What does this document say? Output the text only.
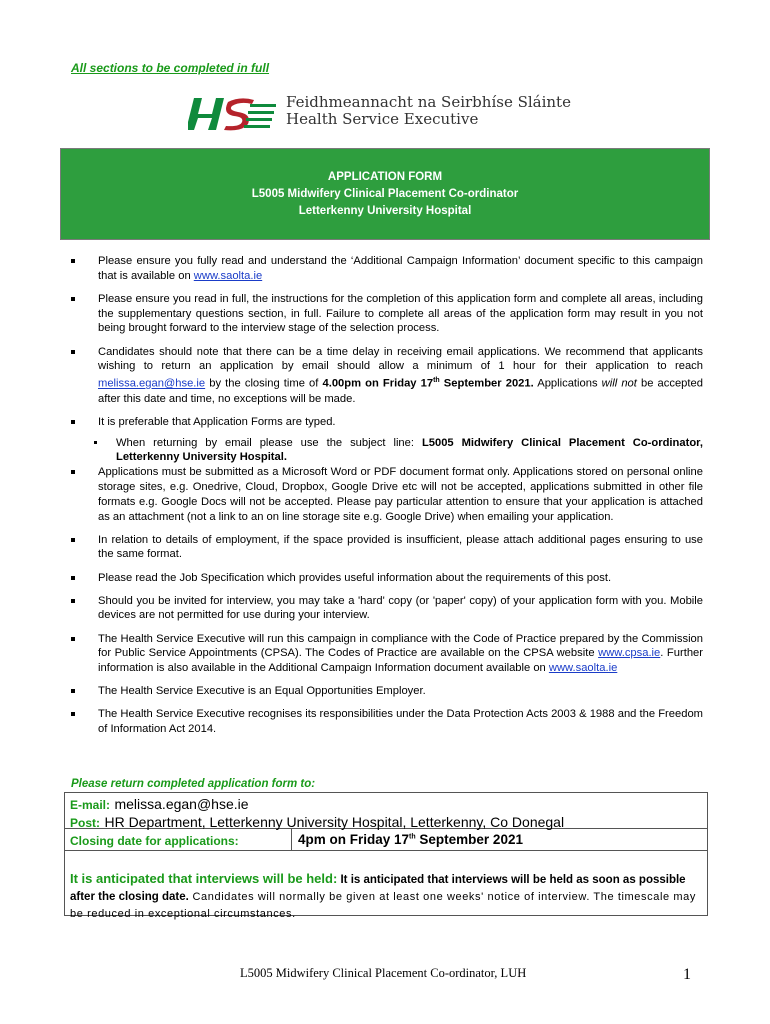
All sections to be completed in full
Feidhmeannacht na Seirbhíse Sláinte
Health Service Executive
APPLICATION FORM
L5005 Midwifery Clinical Placement Co-ordinator
Letterkenny University Hospital
Please ensure you fully read and understand the ‘Additional Campaign Information’ document specific to this campaign that is available on www.saolta.ie
Please ensure you read in full, the instructions for the completion of this application form and complete all areas, including the supplementary questions section, in full. Failure to complete all areas of the application form may result in you not being brought forward to the interview stage of the selection process.
Candidates should note that there can be a time delay in receiving email applications. We recommend that applicants wishing to return an application by email should allow a minimum of 1 hour for their application to reach melissa.egan@hse.ie by the closing time of 4.00pm on Friday 17th September 2021. Applications will not be accepted after this date and time, no exceptions will be made.
It is preferable that Application Forms are typed.
When returning by email please use the subject line: L5005 Midwifery Clinical Placement Co-ordinator, Letterkenny University Hospital.
Applications must be submitted as a Microsoft Word or PDF document format only. Applications stored on personal online storage sites, e.g. Onedrive, Cloud, Dropbox, Google Drive etc will not be accepted, applications submitted in other file formats e.g. Google Docs will not be accepted. Please pay particular attention to ensure that your application is attached as an attachment (not a link to an on line storage site e.g. Google Drive) when emailing your application.
In relation to details of employment, if the space provided is insufficient, please attach additional pages ensuring to use the same format.
Please read the Job Specification which provides useful information about the requirements of this post.
Should you be invited for interview, you may take a 'hard' copy (or 'paper' copy) of your application form with you. Mobile devices are not permitted for use during your interview.
The Health Service Executive will run this campaign in compliance with the Code of Practice prepared by the Commission for Public Service Appointments (CPSA). The Codes of Practice are available on the CPSA website www.cpsa.ie. Further information is also available in the Additional Campaign Information document available on www.saolta.ie
The Health Service Executive is an Equal Opportunities Employer.
The Health Service Executive recognises its responsibilities under the Data Protection Acts 2003 & 1988 and the Freedom of Information Act 2014.
Please return completed application form to:
E-mail: melissa.egan@hse.ie
Post: HR Department, Letterkenny University Hospital, Letterkenny, Co Donegal
Closing date for applications:	4pm on Friday 17th September 2021
It is anticipated that interviews will be held: It is anticipated that interviews will be held as soon as possible after the closing date. Candidates will normally be given at least one weeks' notice of interview. The timescale may be reduced in exceptional circumstances.
L5005 Midwifery Clinical Placement Co-ordinator, LUH	1
